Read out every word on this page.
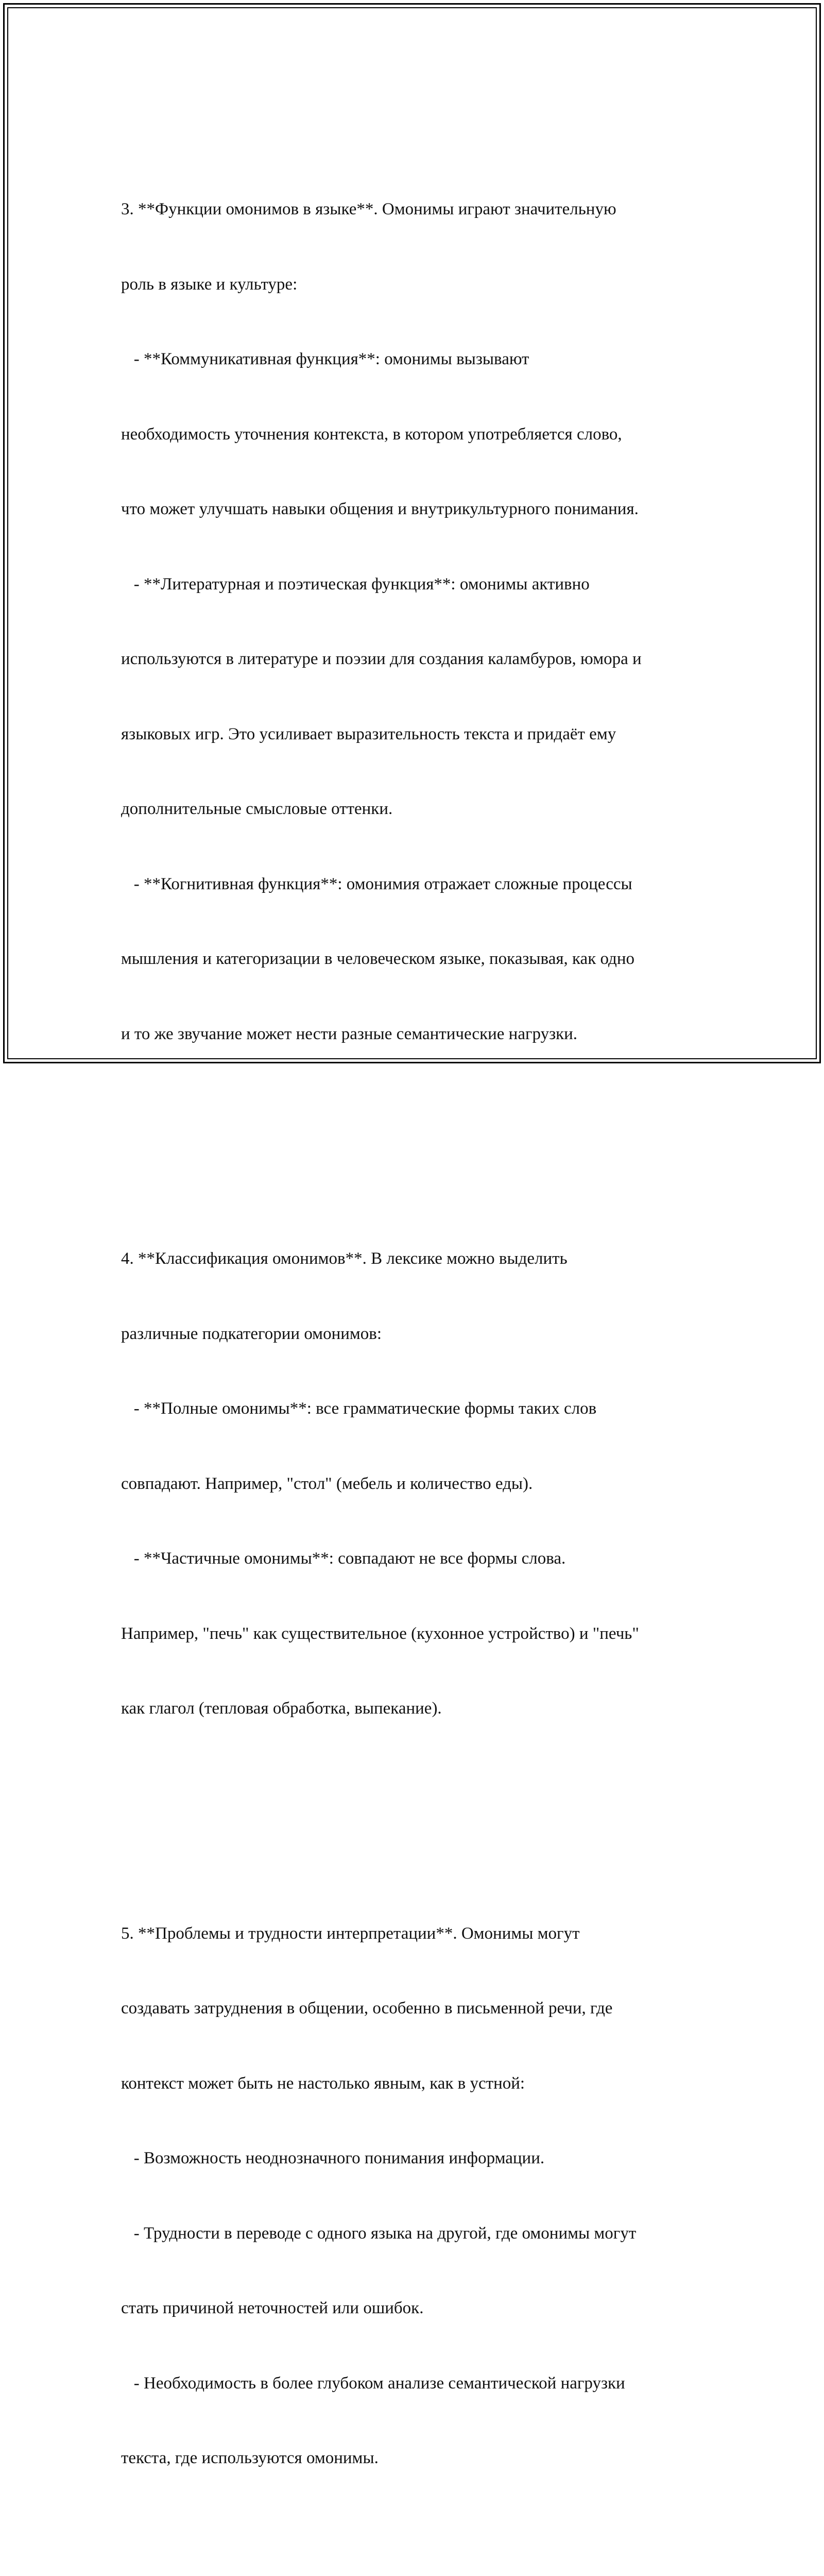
3. **Функции омонимов в языке**. Омонимы играют значительную

роль в языке и культуре:

- **Коммуникативная функция**: омонимы вызывают

необходимость уточнения контекста, в котором употребляется слово,

что может улучшать навыки общения и внутрикультурного понимания.

- **Литературная и поэтическая функция**: омонимы активно

используются в литературе и поэзии для создания каламбуров, юмора и

языковых игр. Это усиливает выразительность текста и придаёт ему

дополнительные смысловые оттенки.

- **Когнитивная функция**: омонимия отражает сложные процессы

мышления и категоризации в человеческом языке, показывая, как одно

и то же звучание может нести разные семантические нагрузки.

4. **Классификация омонимов**. В лексике можно выделить

различные подкатегории омонимов:

- **Полные омонимы**: все грамматические формы таких слов

совпадают. Например, "стол" (мебель и количество еды).

- **Частичные омонимы**: совпадают не все формы слова.

Например, "печь" как существительное (кухонное устройство) и "печь"

как глагол (тепловая обработка, выпекание).

5. **Проблемы и трудности интерпретации**. Омонимы могут

создавать затруднения в общении, особенно в письменной речи, где

контекст может быть не настолько явным, как в устной:

- Возможность неоднозначного понимания информации.

- Трудности в переводе с одного языка на другой, где омонимы могут

стать причиной неточностей или ошибок.

- Необходимость в более глубоком анализе семантической нагрузки

текста, где используются омонимы.
